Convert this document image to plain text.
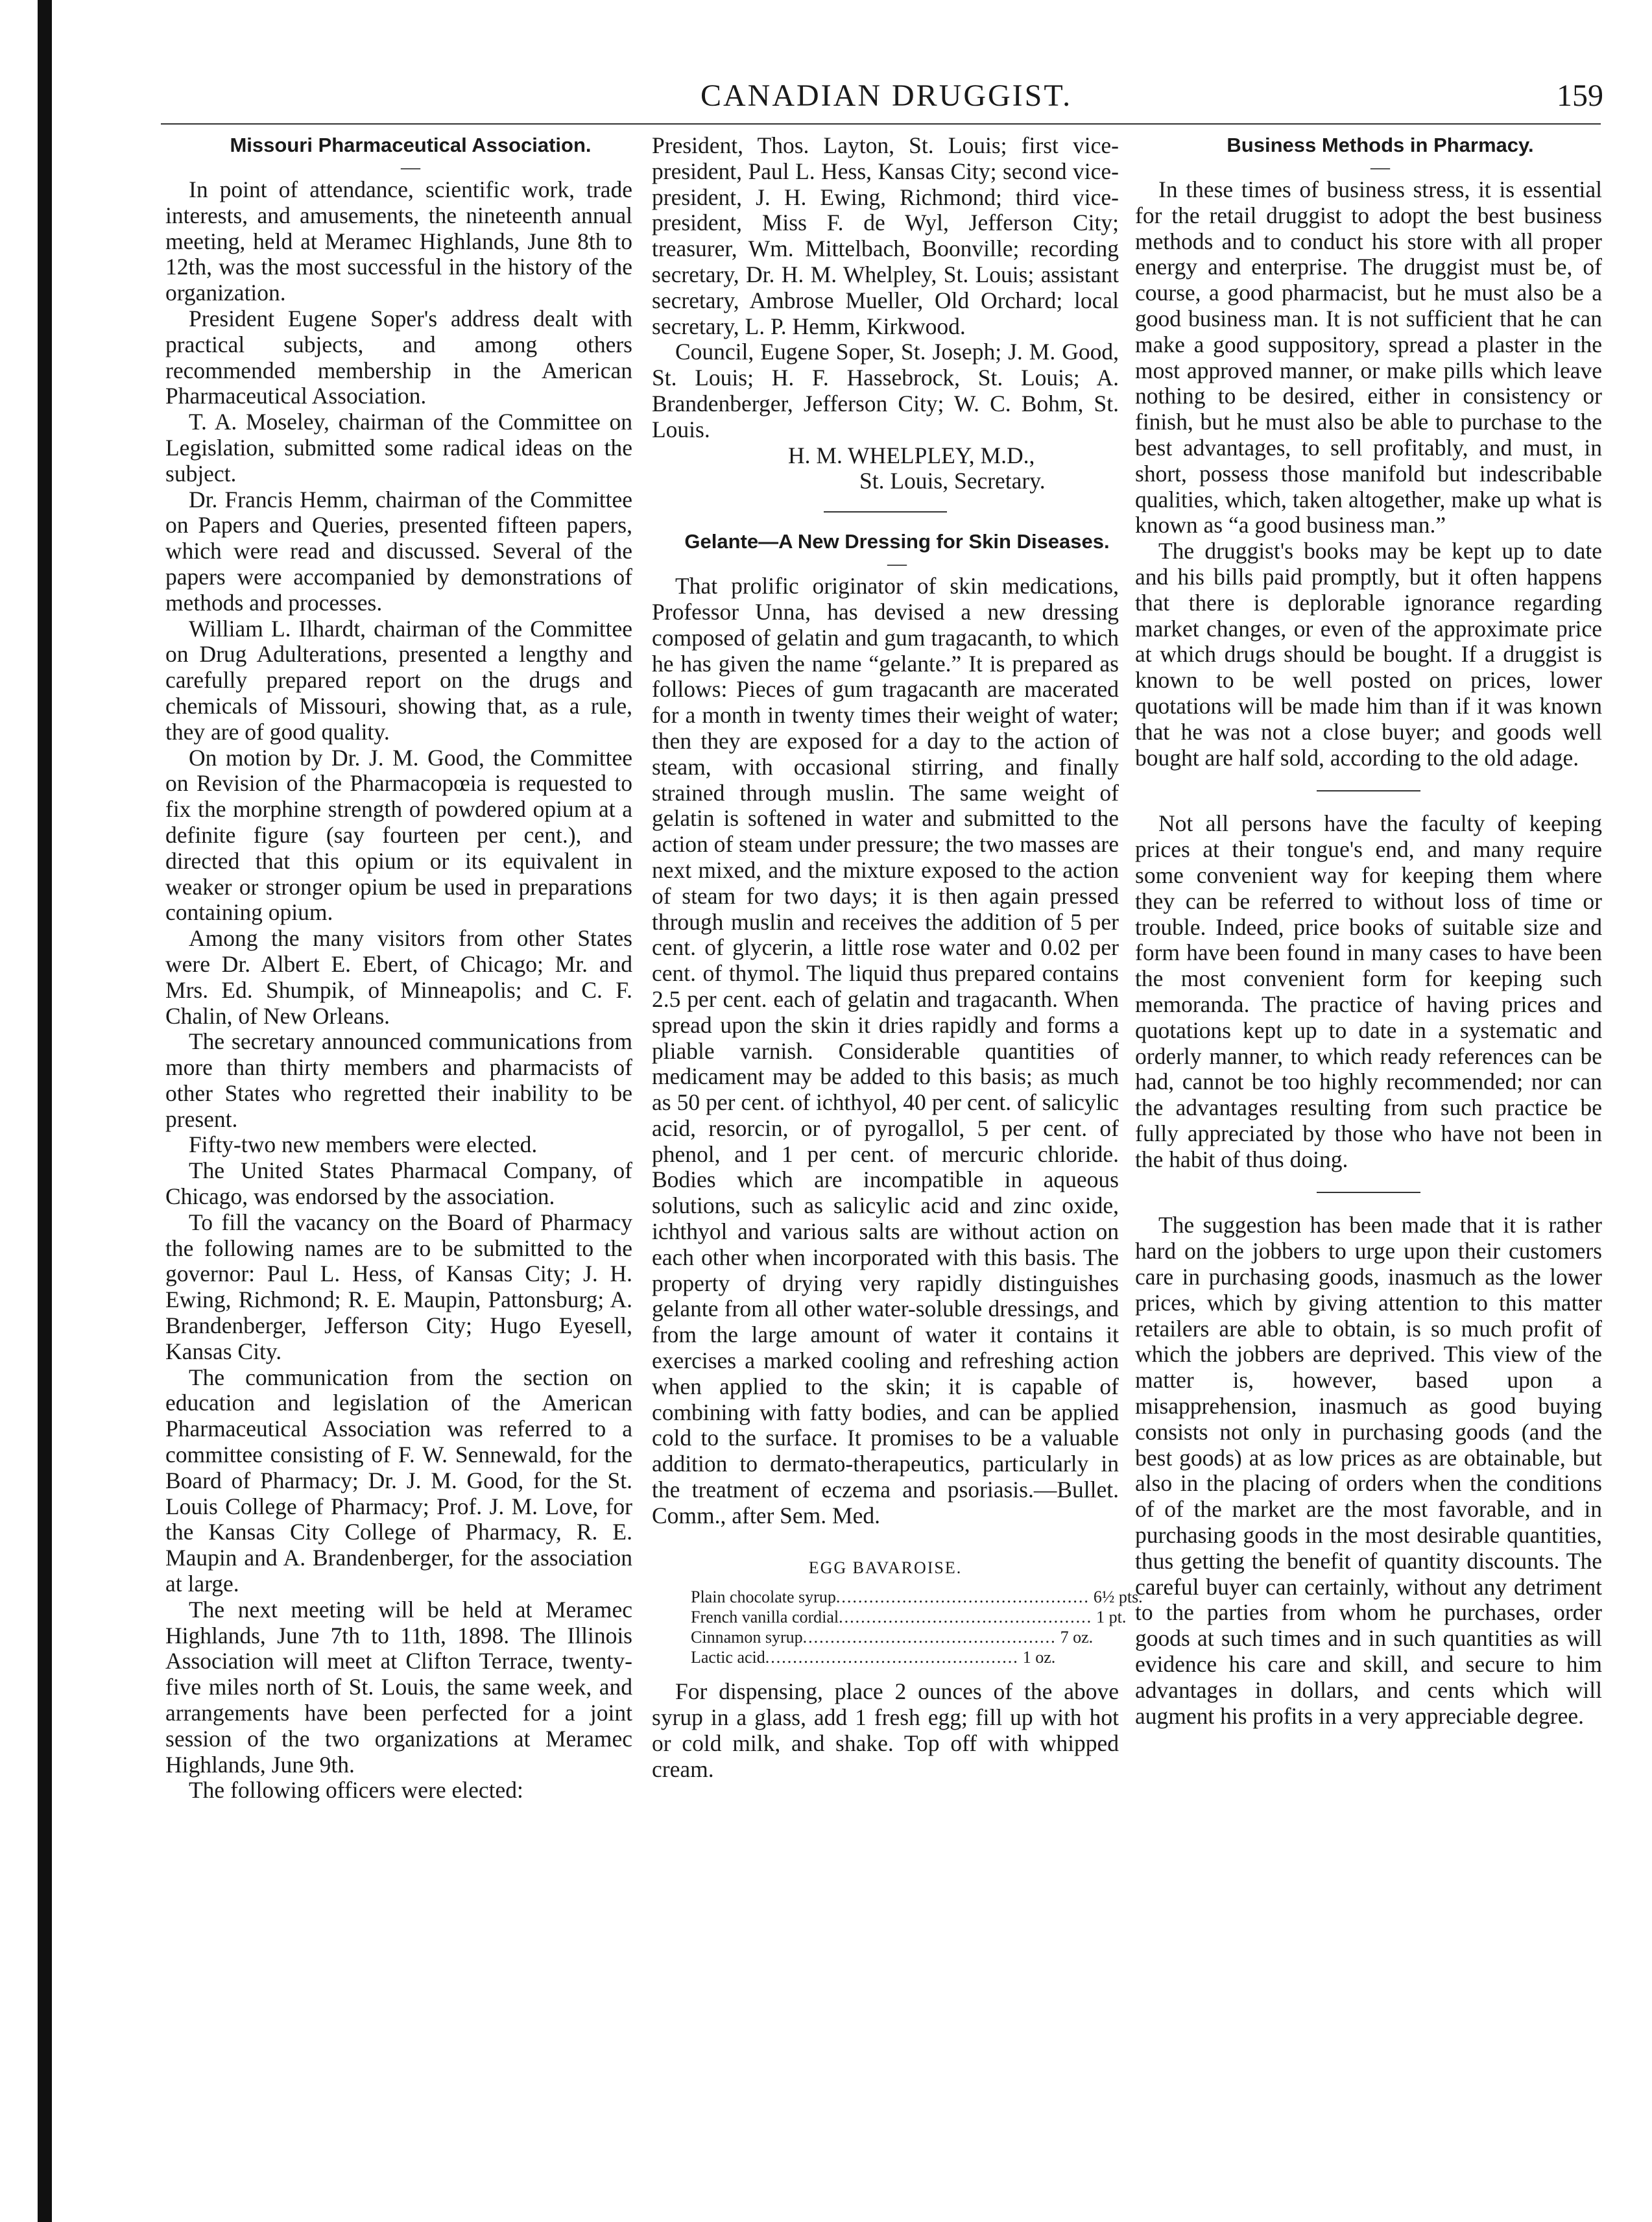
CANADIAN DRUGGIST.	159

Missouri Pharmaceutical Association.

—

In point of attendance, scientific work, trade interests, and amusements, the nineteenth annual meeting, held at Meramec Highlands, June 8th to 12th, was the most successful in the history of the organization.

President Eugene Soper's address dealt with practical subjects, and among others recommended membership in the American Pharmaceutical Association.

T. A. Moseley, chairman of the Committee on Legislation, submitted some radical ideas on the subject.

Dr. Francis Hemm, chairman of the Committee on Papers and Queries, presented fifteen papers, which were read and discussed. Several of the papers were accompanied by demonstrations of methods and processes.

William L. Ilhardt, chairman of the Committee on Drug Adulterations, presented a lengthy and carefully prepared report on the drugs and chemicals of Missouri, showing that, as a rule, they are of good quality.

On motion by Dr. J. M. Good, the Committee on Revision of the Pharmacopœia is requested to fix the morphine strength of powdered opium at a definite figure (say fourteen per cent.), and directed that this opium or its equivalent in weaker or stronger opium be used in preparations containing opium.

Among the many visitors from other States were Dr. Albert E. Ebert, of Chicago; Mr. and Mrs. Ed. Shumpik, of Minneapolis; and C. F. Chalin, of New Orleans.

The secretary announced communications from more than thirty members and pharmacists of other States who regretted their inability to be present.

Fifty-two new members were elected.

The United States Pharmacal Company, of Chicago, was endorsed by the association.

To fill the vacancy on the Board of Pharmacy the following names are to be submitted to the governor: Paul L. Hess, of Kansas City; J. H. Ewing, Richmond; R. E. Maupin, Pattonsburg; A. Brandenberger, Jefferson City; Hugo Eyesell, Kansas City.

The communication from the section on education and legislation of the American Pharmaceutical Association was referred to a committee consisting of F. W. Sennewald, for the Board of Pharmacy; Dr. J. M. Good, for the St. Louis College of Pharmacy; Prof. J. M. Love, for the Kansas City College of Pharmacy, R. E. Maupin and A. Brandenberger, for the association at large.

The next meeting will be held at Meramec Highlands, June 7th to 11th, 1898. The Illinois Association will meet at Clifton Terrace, twenty-five miles north of St. Louis, the same week, and arrangements have been perfected for a joint session of the two organizations at Meramec Highlands, June 9th.

The following officers were elected:

President, Thos. Layton, St. Louis; first vice-president, Paul L. Hess, Kansas City; second vice-president, J. H. Ewing, Richmond; third vice-president, Miss F. de Wyl, Jefferson City; treasurer, Wm. Mittelbach, Boonville; recording secretary, Dr. H. M. Whelpley, St. Louis; assistant secretary, Ambrose Mueller, Old Orchard; local secretary, L. P. Hemm, Kirkwood.

Council, Eugene Soper, St. Joseph; J. M. Good, St. Louis; H. F. Hassebrock, St. Louis; A. Brandenberger, Jefferson City; W. C. Bohm, St. Louis.

H. M. WHELPLEY, M.D.,

St. Louis, Secretary.

Gelante—A New Dressing for Skin Diseases.

—

That prolific originator of skin medications, Professor Unna, has devised a new dressing composed of gelatin and gum tragacanth, to which he has given the name “gelante.” It is prepared as follows: Pieces of gum tragacanth are macerated for a month in twenty times their weight of water; then they are exposed for a day to the action of steam, with occasional stirring, and finally strained through muslin. The same weight of gelatin is softened in water and submitted to the action of steam under pressure; the two masses are next mixed, and the mixture exposed to the action of steam for two days; it is then again pressed through muslin and receives the addition of 5 per cent. of glycerin, a little rose water and 0.02 per cent. of thymol. The liquid thus prepared contains 2.5 per cent. each of gelatin and tragacanth. When spread upon the skin it dries rapidly and forms a pliable varnish. Considerable quantities of medicament may be added to this basis; as much as 50 per cent. of ichthyol, 40 per cent. of salicylic acid, resorcin, or of pyrogallol, 5 per cent. of phenol, and 1 per cent. of mercuric chloride. Bodies which are incompatible in aqueous solutions, such as salicylic acid and zinc oxide, ichthyol and various salts are without action on each other when incorporated with this basis. The property of drying very rapidly distinguishes gelante from all other water-soluble dressings, and from the large amount of water it contains it exercises a marked cooling and refreshing action when applied to the skin; it is capable of combining with fatty bodies, and can be applied cold to the surface. It promises to be a valuable addition to dermato-therapeutics, particularly in the treatment of eczema and psoriasis.—Bullet. Comm., after Sem. Med.

EGG BAVAROISE.
Plain chocolate syrup .............................................. 6½ pts.
French vanilla cordial .............................................. 1 pt.
Cinnamon syrup .............................................. 7 oz.
Lactic acid .............................................. 1 oz.

For dispensing, place 2 ounces of the above syrup in a glass, add 1 fresh egg; fill up with hot or cold milk, and shake. Top off with whipped cream.

Business Methods in Pharmacy.

—

In these times of business stress, it is essential for the retail druggist to adopt the best business methods and to conduct his store with all proper energy and enterprise. The druggist must be, of course, a good pharmacist, but he must also be a good business man. It is not sufficient that he can make a good suppository, spread a plaster in the most approved manner, or make pills which leave nothing to be desired, either in consistency or finish, but he must also be able to purchase to the best advantages, to sell profitably, and must, in short, possess those manifold but indescribable qualities, which, taken altogether, make up what is known as “a good business man.”

The druggist's books may be kept up to date and his bills paid promptly, but it often happens that there is deplorable ignorance regarding market changes, or even of the approximate price at which drugs should be bought. If a druggist is known to be well posted on prices, lower quotations will be made him than if it was known that he was not a close buyer; and goods well bought are half sold, according to the old adage.

Not all persons have the faculty of keeping prices at their tongue's end, and many require some convenient way for keeping them where they can be referred to without loss of time or trouble. Indeed, price books of suitable size and form have been found in many cases to have been the most convenient form for keeping such memoranda. The practice of having prices and quotations kept up to date in a systematic and orderly manner, to which ready references can be had, cannot be too highly recommended; nor can the advantages resulting from such practice be fully appreciated by those who have not been in the habit of thus doing.

The suggestion has been made that it is rather hard on the jobbers to urge upon their customers care in purchasing goods, inasmuch as the lower prices, which by giving attention to this matter retailers are able to obtain, is so much profit of which the jobbers are deprived. This view of the matter is, however, based upon a misapprehension, inasmuch as good buying consists not only in purchasing goods (and the best goods) at as low prices as are obtainable, but also in the placing of orders when the conditions of of the market are the most favorable, and in purchasing goods in the most desirable quantities, thus getting the benefit of quantity discounts. The careful buyer can certainly, without any detriment to the parties from whom he purchases, order goods at such times and in such quantities as will evidence his care and skill, and secure to him advantages in dollars, and cents which will augment his profits in a very appreciable degree.
